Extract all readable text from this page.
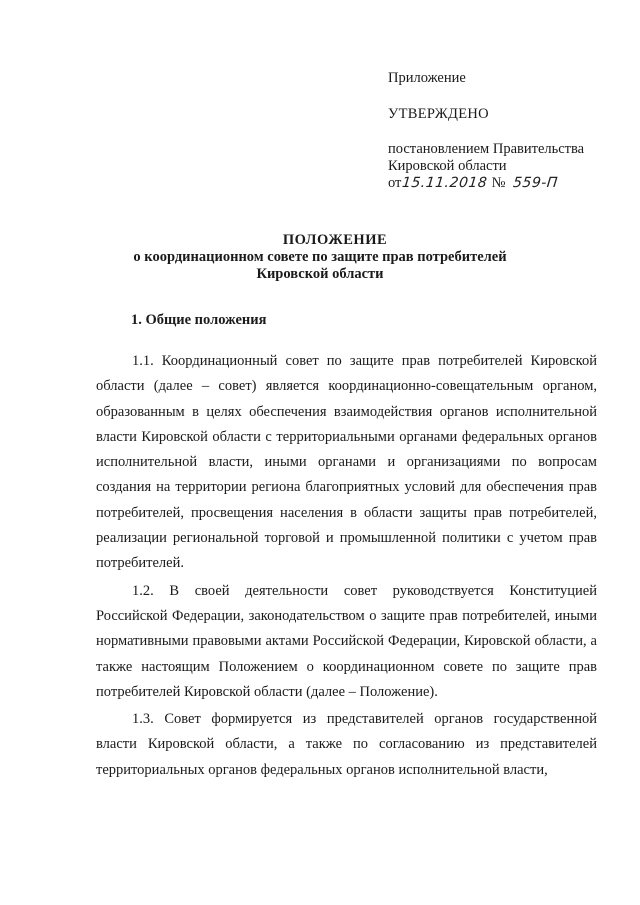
Приложение
УТВЕРЖДЕНО
постановлением Правительства
Кировской области
от 15.11.2018 № 559-П
ПОЛОЖЕНИЕ
о координационном совете по защите прав потребителей
Кировской области
1. Общие положения

1.1. Координационный совет по защите прав потребителей Кировской области (далее – совет) является координационно-совещательным органом, образованным в целях обеспечения взаимодействия органов исполнительной власти Кировской области с территориальными органами федеральных органов исполнительной власти, иными органами и организациями по вопросам создания на территории региона благоприятных условий для обеспечения прав потребителей, просвещения населения в области защиты прав потребителей, реализации региональной торговой и промышленной политики с учетом прав потребителей.

1.2. В своей деятельности совет руководствуется Конституцией Российской Федерации, законодательством о защите прав потребителей, иными нормативными правовыми актами Российской Федерации, Кировской области, а также настоящим Положением о координационном совете по защите прав потребителей Кировской области (далее – Положение).

1.3. Совет формируется из представителей органов государственной власти Кировской области, а также по согласованию из представителей территориальных органов федеральных органов исполнительной власти,
